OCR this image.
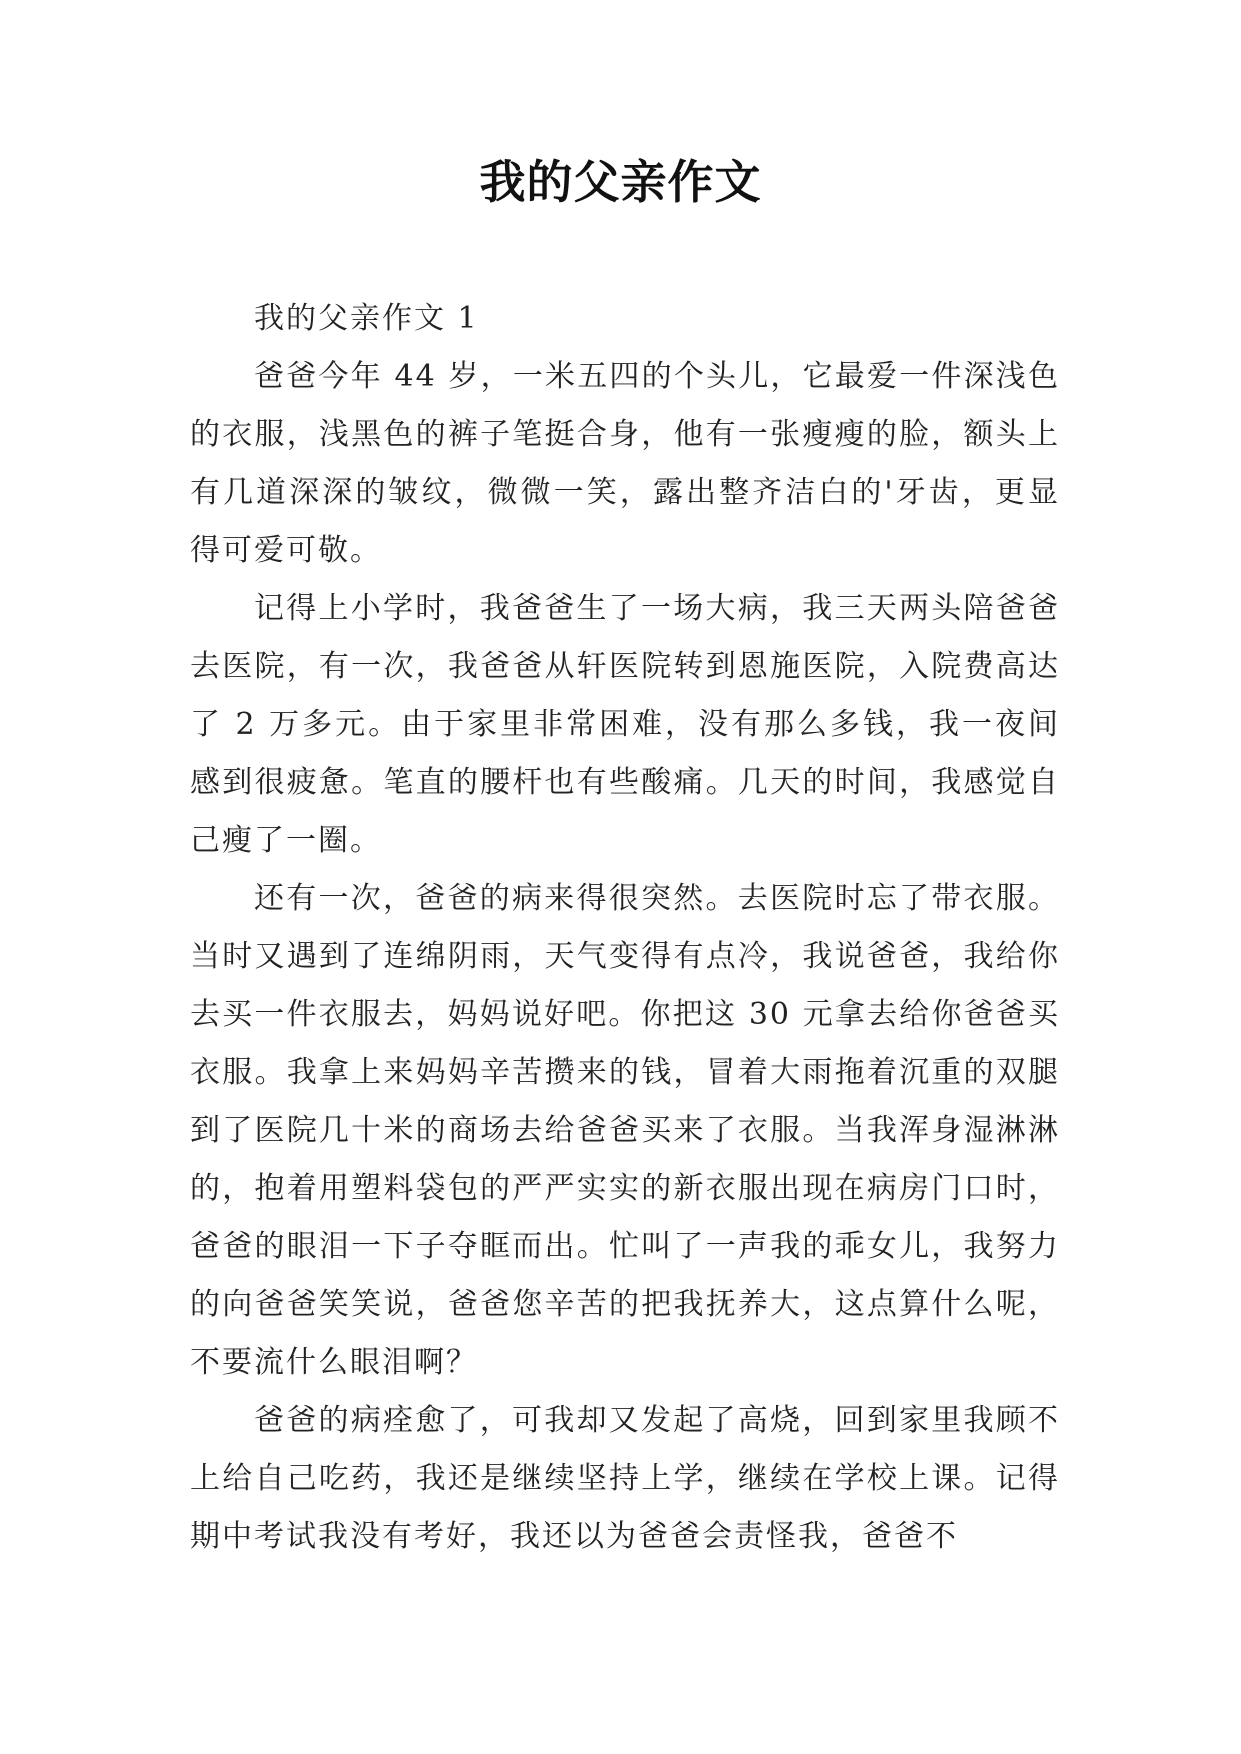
我的父亲作文

我的父亲作文 1

爸爸今年 44 岁，一米五四的个头儿，它最爱一件深浅色的衣服，浅黑色的裤子笔挺合身，他有一张瘦瘦的脸，额头上有几道深深的皱纹，微微一笑，露出整齐洁白的'牙齿，更显得可爱可敬。

记得上小学时，我爸爸生了一场大病，我三天两头陪爸爸去医院，有一次，我爸爸从轩医院转到恩施医院，入院费高达了 2 万多元。由于家里非常困难，没有那么多钱，我一夜间感到很疲惫。笔直的腰杆也有些酸痛。几天的时间，我感觉自己瘦了一圈。

还有一次，爸爸的病来得很突然。去医院时忘了带衣服。当时又遇到了连绵阴雨，天气变得有点冷，我说爸爸，我给你去买一件衣服去，妈妈说好吧。你把这 30 元拿去给你爸爸买衣服。我拿上来妈妈辛苦攒来的钱，冒着大雨拖着沉重的双腿到了医院几十米的商场去给爸爸买来了衣服。当我浑身湿淋淋的，抱着用塑料袋包的严严实实的新衣服出现在病房门口时，爸爸的眼泪一下子夺眶而出。忙叫了一声我的乖女儿，我努力的向爸爸笑笑说，爸爸您辛苦的把我抚养大，这点算什么呢，不要流什么眼泪啊？

爸爸的病痊愈了，可我却又发起了高烧，回到家里我顾不上给自己吃药，我还是继续坚持上学，继续在学校上课。记得期中考试我没有考好，我还以为爸爸会责怪我，爸爸不
